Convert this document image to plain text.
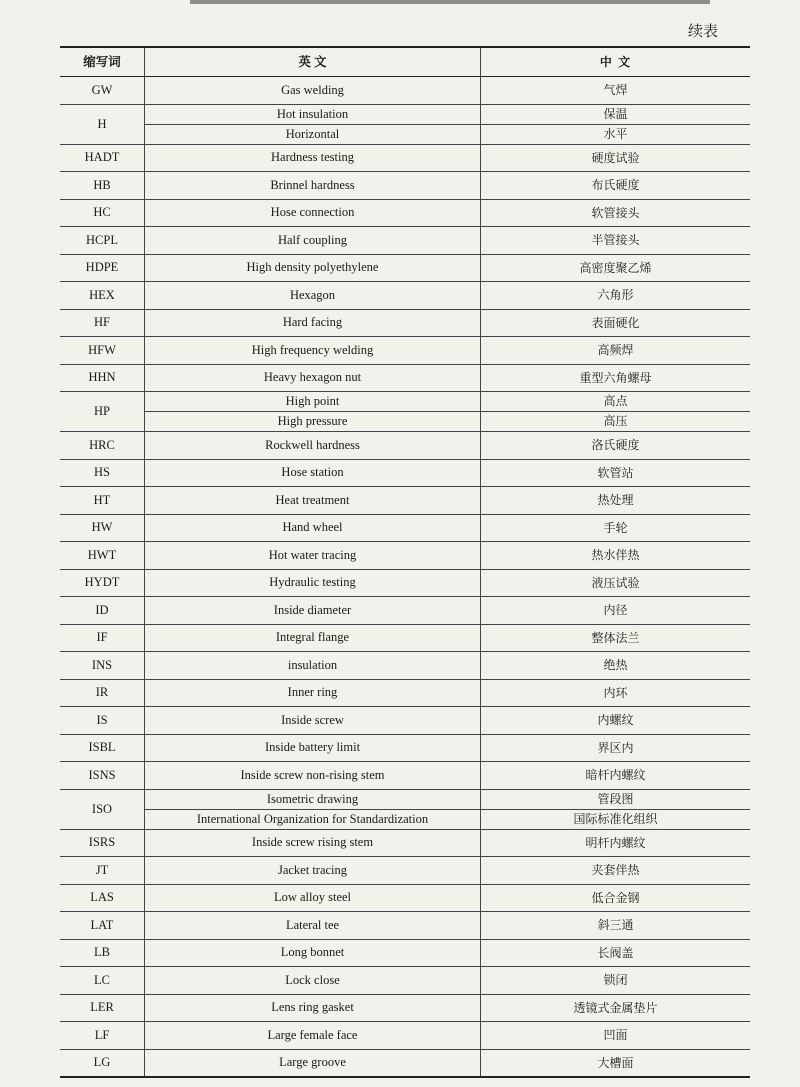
续表
缩写词	英 文	中 文
GW	Gas welding	气焊
H	Hot insulation	保温
	Horizontal	水平
HADT	Hardness testing	硬度试验
HB	Brinnel hardness	布氏硬度
HC	Hose connection	软管接头
HCPL	Half coupling	半管接头
HDPE	High density polyethylene	高密度聚乙烯
HEX	Hexagon	六角形
HF	Hard facing	表面硬化
HFW	High frequency welding	高频焊
HHN	Heavy hexagon nut	重型六角螺母
HP	High point	高点
	High pressure	高压
HRC	Rockwell hardness	洛氏硬度
HS	Hose station	软管站
HT	Heat treatment	热处理
HW	Hand wheel	手轮
HWT	Hot water tracing	热水伴热
HYDT	Hydraulic testing	液压试验
ID	Inside diameter	内径
IF	Integral flange	整体法兰
INS	insulation	绝热
IR	Inner ring	内环
IS	Inside screw	内螺纹
ISBL	Inside battery limit	界区内
ISNS	Inside screw non-rising stem	暗杆内螺纹
ISO	Isometric drawing	管段图
	International Organization for Standardization	国际标准化组织
ISRS	Inside screw rising stem	明杆内螺纹
JT	Jacket tracing	夹套伴热
LAS	Low alloy steel	低合金钢
LAT	Lateral tee	斜三通
LB	Long bonnet	长阀盖
LC	Lock close	锁闭
LER	Lens ring gasket	透镜式金属垫片
LF	Large female face	凹面
LG	Large groove	大槽面
